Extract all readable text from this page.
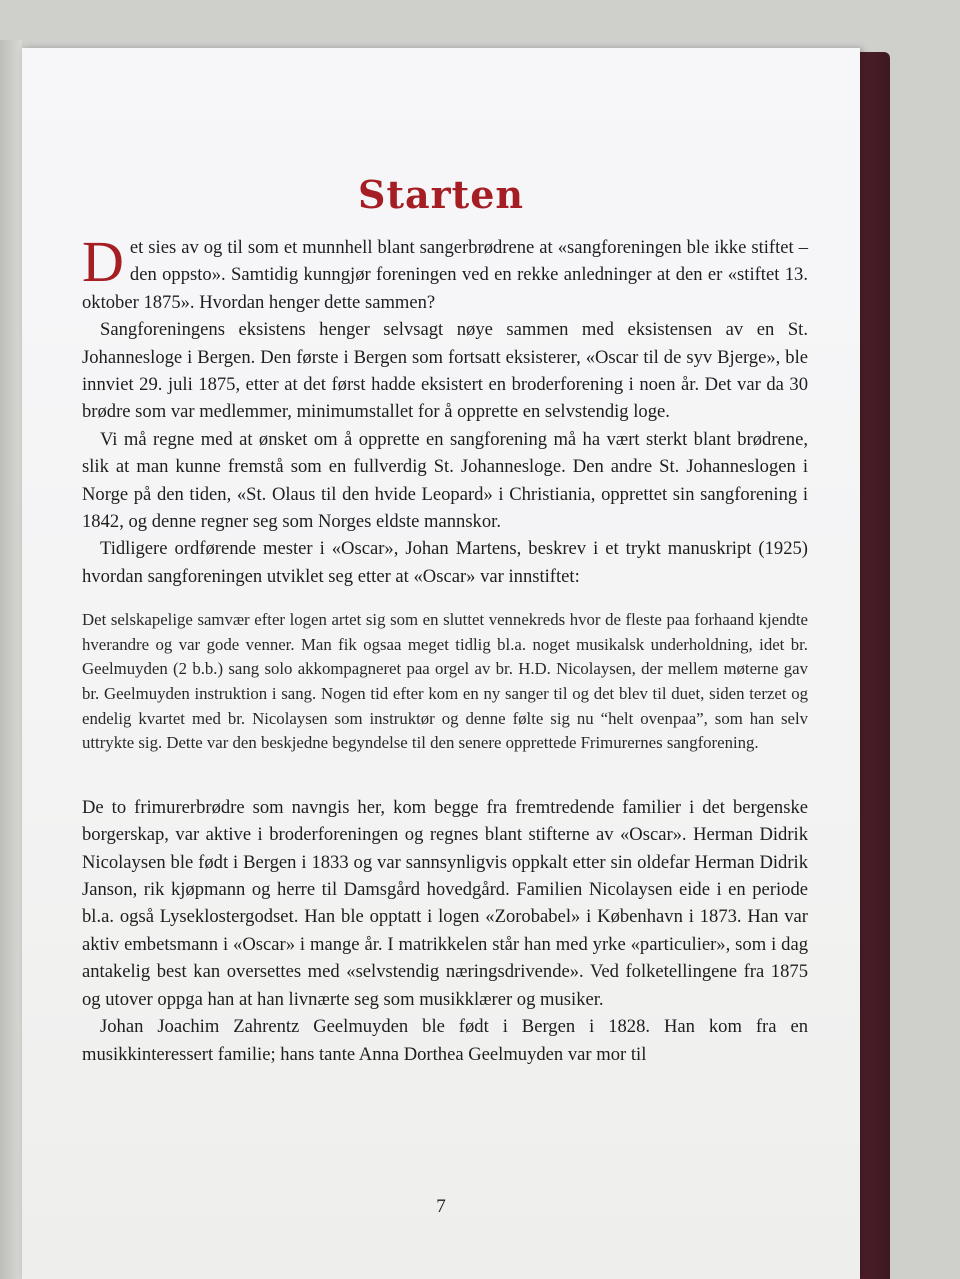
Starten

Det sies av og til som et munnhell blant sangerbrødrene at «sangforeningen ble ikke stiftet – den oppsto». Samtidig kunngjør foreningen ved en rekke anledninger at den er «stiftet 13. oktober 1875». Hvordan henger dette sammen?

Sangforeningens eksistens henger selvsagt nøye sammen med eksistensen av en St. Johannesloge i Bergen. Den første i Bergen som fortsatt eksisterer, «Oscar til de syv Bjerge», ble innviet 29. juli 1875, etter at det først hadde eksistert en broderforening i noen år. Det var da 30 brødre som var medlemmer, minimumstallet for å opprette en selvstendig loge.

Vi må regne med at ønsket om å opprette en sangforening må ha vært sterkt blant brødrene, slik at man kunne fremstå som en fullverdig St. Johannesloge. Den andre St. Johanneslogen i Norge på den tiden, «St. Olaus til den hvide Leopard» i Christiania, opprettet sin sangforening i 1842, og denne regner seg som Norges eldste mannskor.

Tidligere ordførende mester i «Oscar», Johan Martens, beskrev i et trykt manuskript (1925) hvordan sangforeningen utviklet seg etter at «Oscar» var innstiftet:

Det selskapelige samvær efter logen artet sig som en sluttet vennekreds hvor de fleste paa forhaand kjendte hverandre og var gode venner. Man fik ogsaa meget tidlig bl.a. noget musikalsk underholdning, idet br. Geelmuyden (2 b.b.) sang solo akkompagneret paa orgel av br. H.D. Nicolaysen, der mellem møterne gav br. Geelmuyden instruktion i sang. Nogen tid efter kom en ny sanger til og det blev til duet, siden terzet og endelig kvartet med br. Nicolaysen som instruktør og denne følte sig nu “helt ovenpaa”, som han selv uttrykte sig. Dette var den beskjedne begyndelse til den senere opprettede Frimurernes sangforening.

De to frimurerbrødre som navngis her, kom begge fra fremtredende familier i det bergenske borgerskap, var aktive i broderforeningen og regnes blant stifterne av «Oscar». Herman Didrik Nicolaysen ble født i Bergen i 1833 og var sannsynligvis oppkalt etter sin oldefar Herman Didrik Janson, rik kjøpmann og herre til Damsgård hovedgård. Familien Nicolaysen eide i en periode bl.a. også Lyseklostergodset. Han ble opptatt i logen «Zorobabel» i København i 1873. Han var aktiv embetsmann i «Oscar» i mange år. I matrikkelen står han med yrke «particulier», som i dag antakelig best kan oversettes med «selvstendig næringsdrivende». Ved folketellingene fra 1875 og utover oppga han at han livnærte seg som musikklærer og musiker.

Johan Joachim Zahrentz Geelmuyden ble født i Bergen i 1828. Han kom fra en musikkinteressert familie; hans tante Anna Dorthea Geelmuyden var mor til

7
